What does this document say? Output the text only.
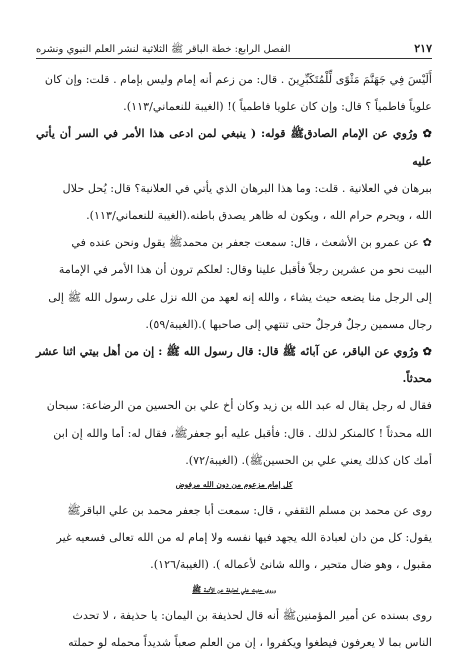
٢١٧
الفصل الرابع: خطة الباقر ﷺ الثلاثية لنشر العلم النبوي ونشره

أَلَيْسَ فِي جَهَنَّمَ مَثْوًى لِّلْمُتَكَبِّرِينَ . قال: من زعم أنه إمام وليس بإمام . قلت: وإن كان

علوياً فاطمياً ؟ قال: وإن كان علويا فاطمياً )! (الغيبة للنعماني/١١٣).

✿ ورُوي عن الإمام الصادقﷺ قوله: ( ينبغي لمن ادعى هذا الأمر في السر أن يأتي عليه

ببرهان في العلانية . قلت: وما هذا البرهان الذي يأتي في العلانية؟ قال: يُحل حلال

الله ، ويحرم حرام الله ، ويكون له ظاهر يصدق باطنه.(الغيبة للنعماني/١١٣).

✿ عن عمرو بن الأشعث ، قال: سمعت جعفر بن محمدﷺ يقول ونحن عنده في

البيت نحو من عشرين رجلاً فأقبل علينا وقال: لعلكم ترون أن هذا الأمر في الإمامة

إلى الرجل منا يضعه حيث يشاء ، والله إنه لعهد من الله نزل على رسول الله ﷺ إلى

رجال مسمين رجلٌ فرجلٌ حتى تنتهي إلى صاحبها ).(الغيبة/٥٩).

✿ ورُوي عن الباقر، عن آبائه ﷺ قال: قال رسول الله ﷺ : إن من أهل بيتي اثنا عشر محدثاً.

فقال له رجل يقال له عبد الله بن زيد وكان أخ علي بن الحسين من الرضاعة: سبحان

الله محدثاً ! كالمنكر لذلك . قال: فأقبل عليه أبو جعفرﷺ، فقال له: أما والله إن ابن

أمك كان كذلك يعني علي بن الحسينﷺ). (الغيبة/٧٢).

كل إمام مزعوم من دون الله مرفوض

روى عن محمد بن مسلم الثقفي ، قال: سمعت أبا جعفر محمد بن علي الباقرﷺ

يقول: كل من دان لعبادة الله يجهد فيها نفسه ولا إمام له من الله تعالى فسعيه غير

مقبول ، وهو ضال متحير ، والله شانئ لأعماله ). (الغيبة/١٢٦).

وروى حديث علي لحذيفة عن الأئمة ﷺ

روى بسنده عن أمير المؤمنينﷺ أنه قال لحذيفة بن اليمان: يا حذيفة ، لا تحدث

الناس بما لا يعرفون فيطغوا ويكفروا ، إن من العلم صعباً شديداً محمله لو حملته
